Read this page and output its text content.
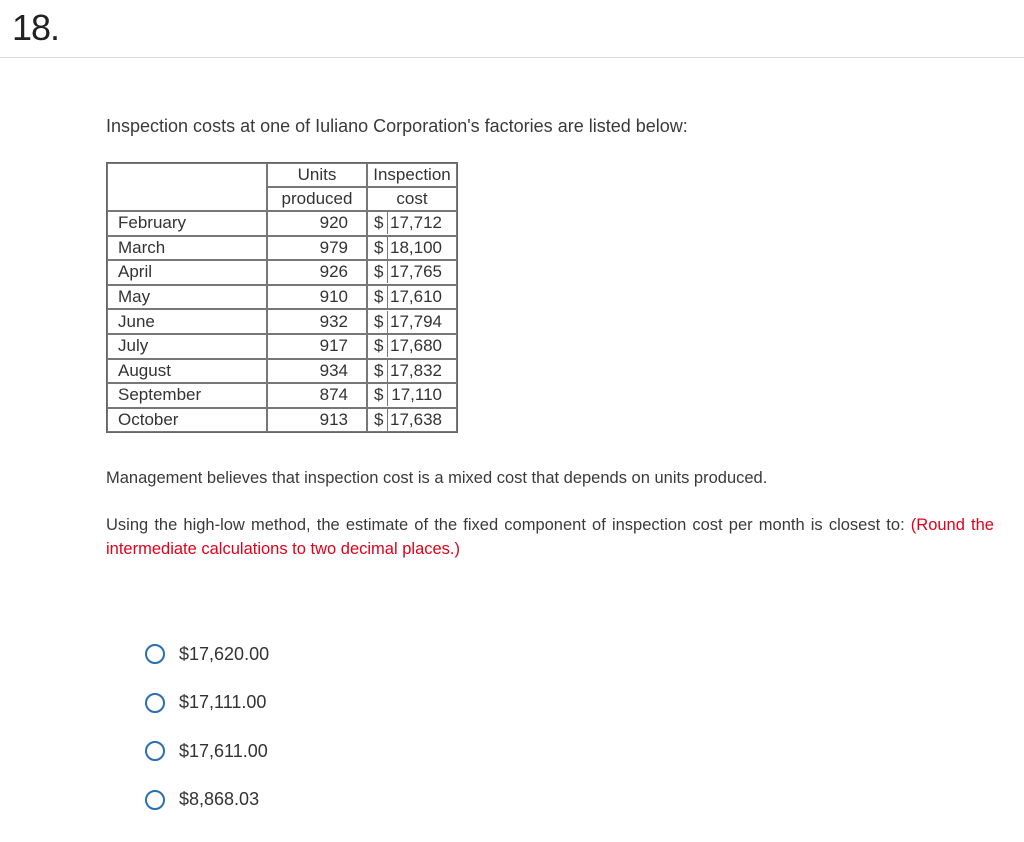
18.
Inspection costs at one of Iuliano Corporation's factories are listed below:

	Units	Inspection

	produced	cost

February	920	$ 17,712

March	979	$ 18,100

April	926	$ 17,765

May	910	$ 17,610

June	932	$ 17,794

July	917	$ 17,680

August	934	$ 17,832

September	874	$ 17,110

October	913	$ 17,638
Management believes that inspection cost is a mixed cost that depends on units produced.
Using the high-low method, the estimate of the fixed component of inspection cost per month is closest to: (Round the intermediate calculations to two decimal places.)
$17,620.00
$17,111.00
$17,611.00
$8,868.03
